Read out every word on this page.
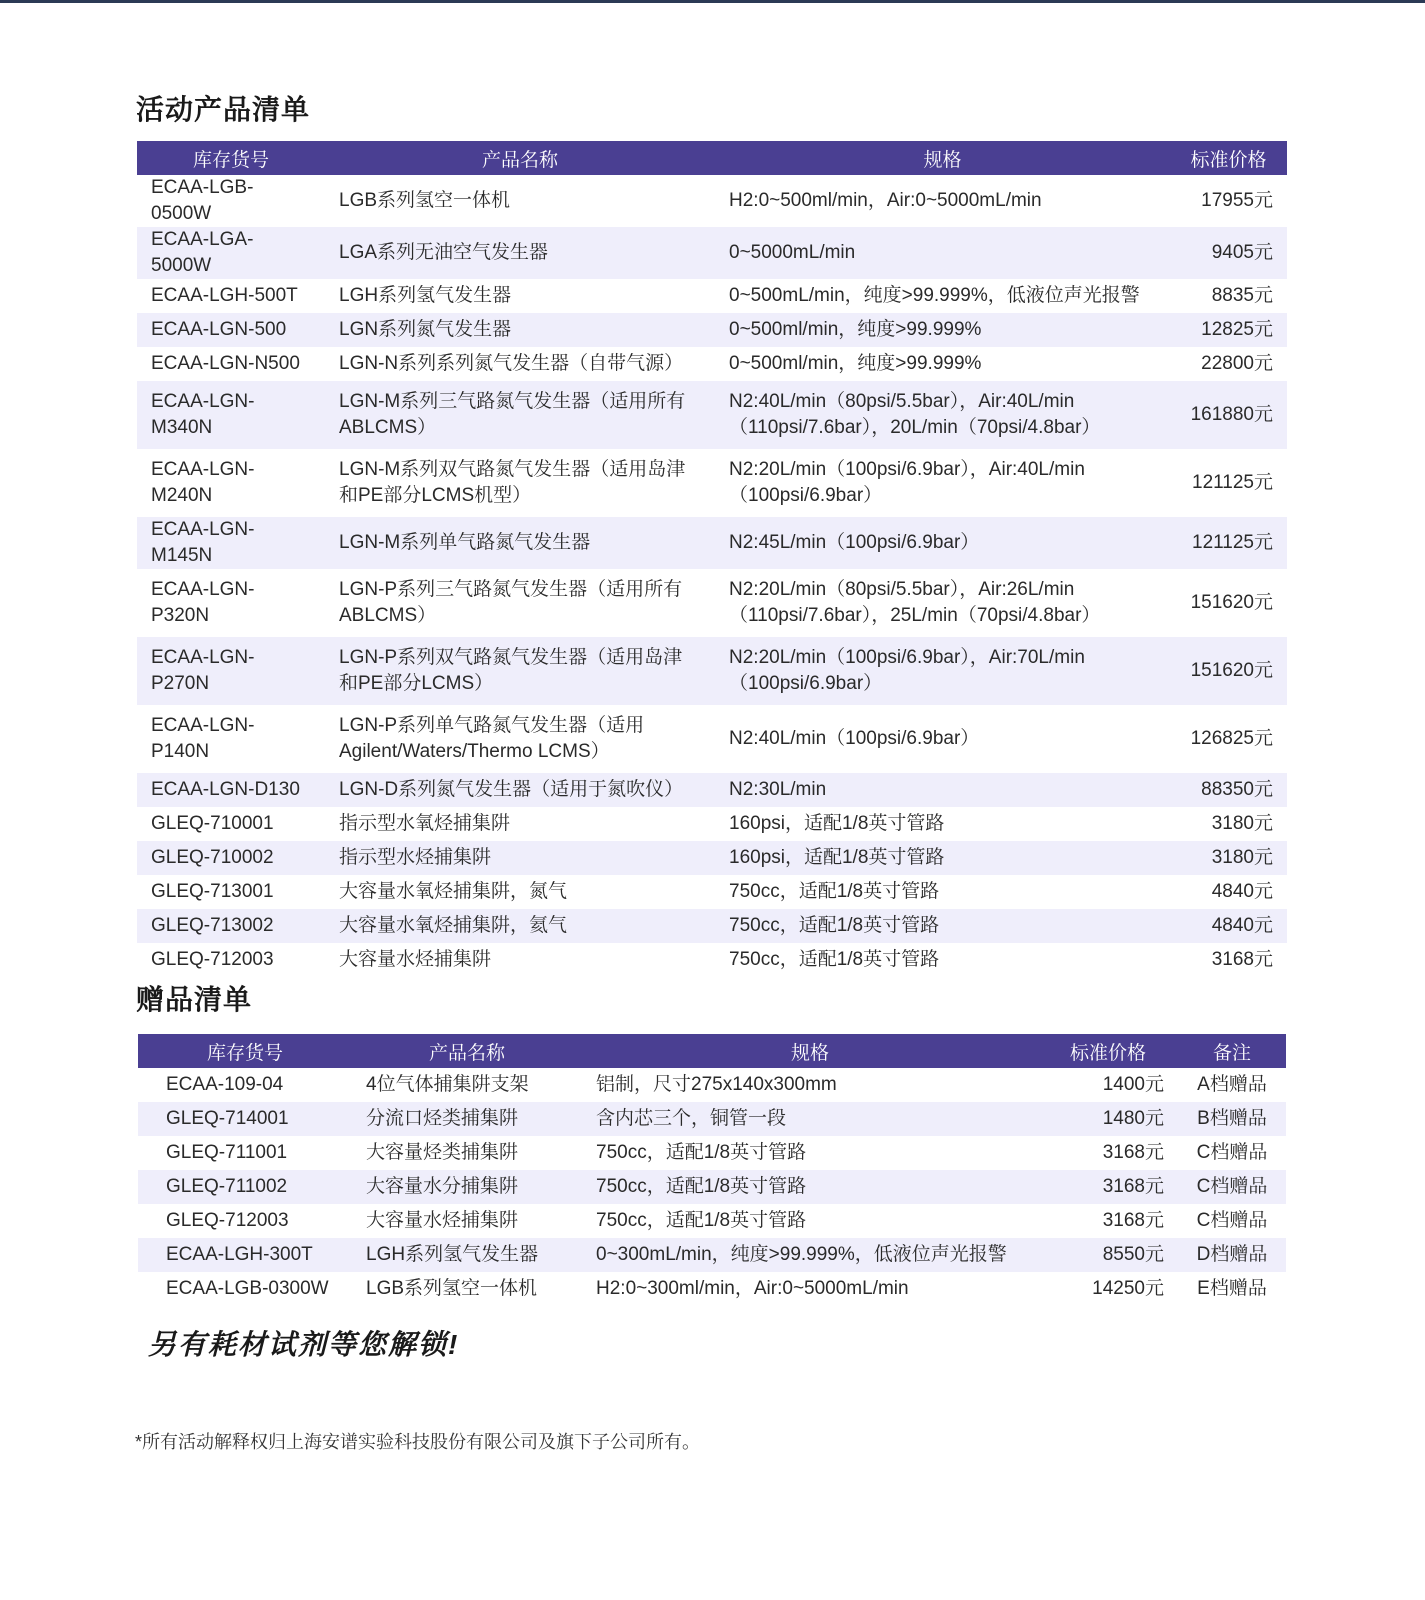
活动产品清单
库存货号	产品名称	规格	标准价格
ECAA-LGB-0500W	LGB系列氢空一体机	H2:0~500ml/min，Air:0~5000mL/min	17955元
ECAA-LGA-5000W	LGA系列无油空气发生器	0~5000mL/min	9405元
ECAA-LGH-500T	LGH系列氢气发生器	0~500mL/min，纯度>99.999%，低液位声光报警	8835元
ECAA-LGN-500	LGN系列氮气发生器	0~500ml/min，纯度>99.999%	12825元
ECAA-LGN-N500	LGN-N系列系列氮气发生器（自带气源）	0~500ml/min，纯度>99.999%	22800元
ECAA-LGN-M340N	LGN-M系列三气路氮气发生器（适用所有ABLCMS）	N2:40L/min（80psi/5.5bar），Air:40L/min（110psi/7.6bar），20L/min（70psi/4.8bar）	161880元
ECAA-LGN-M240N	LGN-M系列双气路氮气发生器（适用岛津和PE部分LCMS机型）	N2:20L/min（100psi/6.9bar），Air:40L/min（100psi/6.9bar）	121125元
ECAA-LGN-M145N	LGN-M系列单气路氮气发生器	N2:45L/min（100psi/6.9bar）	121125元
ECAA-LGN-P320N	LGN-P系列三气路氮气发生器（适用所有ABLCMS）	N2:20L/min（80psi/5.5bar），Air:26L/min（110psi/7.6bar），25L/min（70psi/4.8bar）	151620元
ECAA-LGN-P270N	LGN-P系列双气路氮气发生器（适用岛津和PE部分LCMS）	N2:20L/min（100psi/6.9bar），Air:70L/min（100psi/6.9bar）	151620元
ECAA-LGN-P140N	LGN-P系列单气路氮气发生器（适用Agilent/Waters/Thermo LCMS）	N2:40L/min（100psi/6.9bar）	126825元
ECAA-LGN-D130	LGN-D系列氮气发生器（适用于氮吹仪）	N2:30L/min	88350元
GLEQ-710001	指示型水氧烃捕集阱	160psi，适配1/8英寸管路	3180元
GLEQ-710002	指示型水烃捕集阱	160psi，适配1/8英寸管路	3180元
GLEQ-713001	大容量水氧烃捕集阱，氮气	750cc，适配1/8英寸管路	4840元
GLEQ-713002	大容量水氧烃捕集阱，氦气	750cc，适配1/8英寸管路	4840元
GLEQ-712003	大容量水烃捕集阱	750cc，适配1/8英寸管路	3168元
赠品清单
库存货号	产品名称	规格	标准价格	备注
ECAA-109-04	4位气体捕集阱支架	铝制，尺寸275x140x300mm	1400元	A档赠品
GLEQ-714001	分流口烃类捕集阱	含内芯三个，铜管一段	1480元	B档赠品
GLEQ-711001	大容量烃类捕集阱	750cc，适配1/8英寸管路	3168元	C档赠品
GLEQ-711002	大容量水分捕集阱	750cc，适配1/8英寸管路	3168元	C档赠品
GLEQ-712003	大容量水烃捕集阱	750cc，适配1/8英寸管路	3168元	C档赠品
ECAA-LGH-300T	LGH系列氢气发生器	0~300mL/min，纯度>99.999%，低液位声光报警	8550元	D档赠品
ECAA-LGB-0300W	LGB系列氢空一体机	H2:0~300ml/min，Air:0~5000mL/min	14250元	E档赠品

另有耗材试剂等您解锁!

*所有活动解释权归上海安谱实验科技股份有限公司及旗下子公司所有。
